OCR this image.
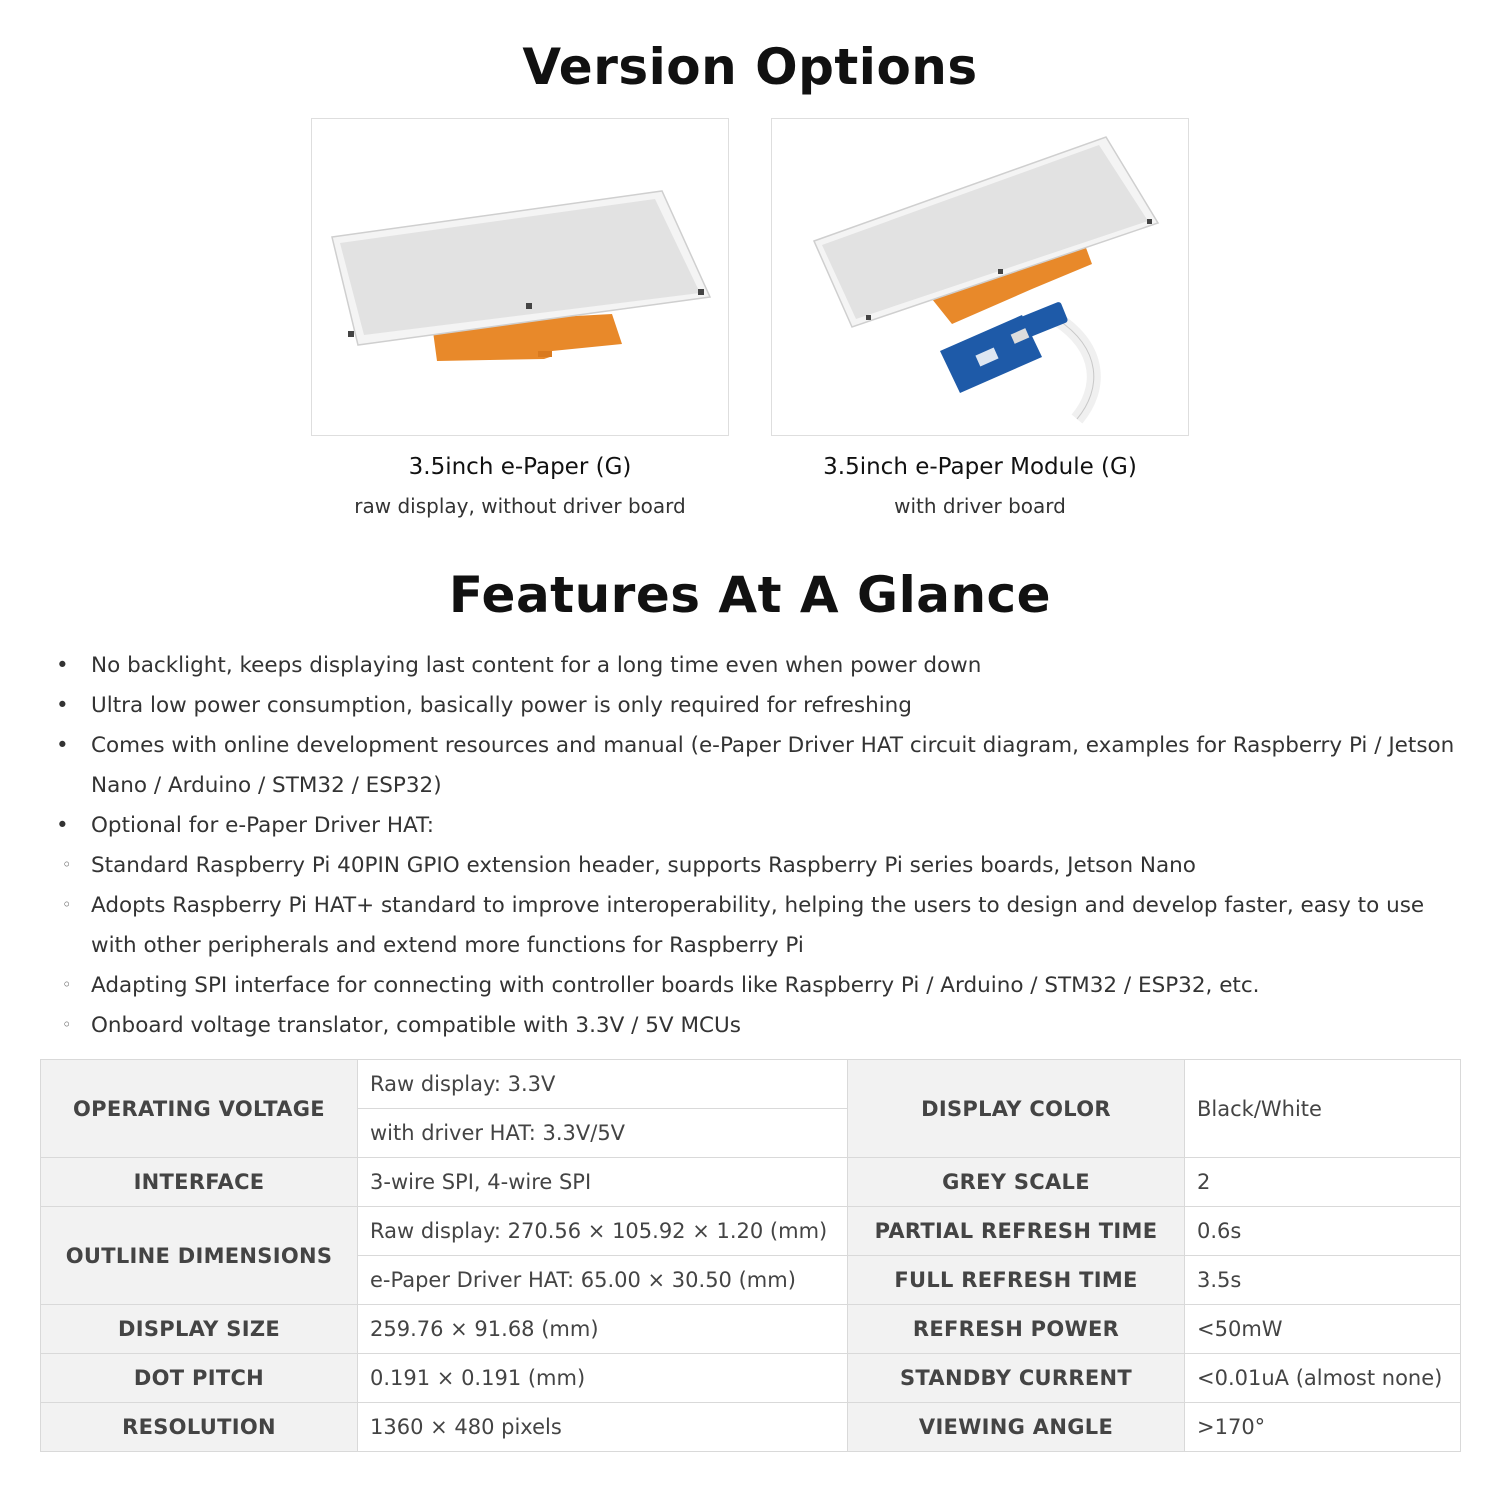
Version Options
3.5inch e-Paper (G)
raw display, without driver board
3.5inch e-Paper Module (G)
with driver board
Features At A Glance
• No backlight, keeps displaying last content for a long time even when power down
• Ultra low power consumption, basically power is only required for refreshing
• Comes with online development resources and manual (e-Paper Driver HAT circuit diagram, examples for Raspberry Pi / Jetson Nano / Arduino / STM32 / ESP32)
• Optional for e-Paper Driver HAT:
◦ Standard Raspberry Pi 40PIN GPIO extension header, supports Raspberry Pi series boards, Jetson Nano
◦ Adopts Raspberry Pi HAT+ standard to improve interoperability, helping the users to design and develop faster, easy to use with other peripherals and extend more functions for Raspberry Pi
◦ Adapting SPI interface for connecting with controller boards like Raspberry Pi / Arduino / STM32 / ESP32, etc.
◦ Onboard voltage translator, compatible with 3.3V / 5V MCUs
OPERATING VOLTAGE	Raw display: 3.3V	DISPLAY COLOR	Black/White
	with driver HAT: 3.3V/5V		
INTERFACE	3-wire SPI, 4-wire SPI	GREY SCALE	2
OUTLINE DIMENSIONS	Raw display: 270.56 × 105.92 × 1.20 (mm)	PARTIAL REFRESH TIME	0.6s
	e-Paper Driver HAT: 65.00 × 30.50 (mm)	FULL REFRESH TIME	3.5s
DISPLAY SIZE	259.76 × 91.68 (mm)	REFRESH POWER	<50mW
DOT PITCH	0.191 × 0.191 (mm)	STANDBY CURRENT	<0.01uA (almost none)
RESOLUTION	1360 × 480 pixels	VIEWING ANGLE	>170°
